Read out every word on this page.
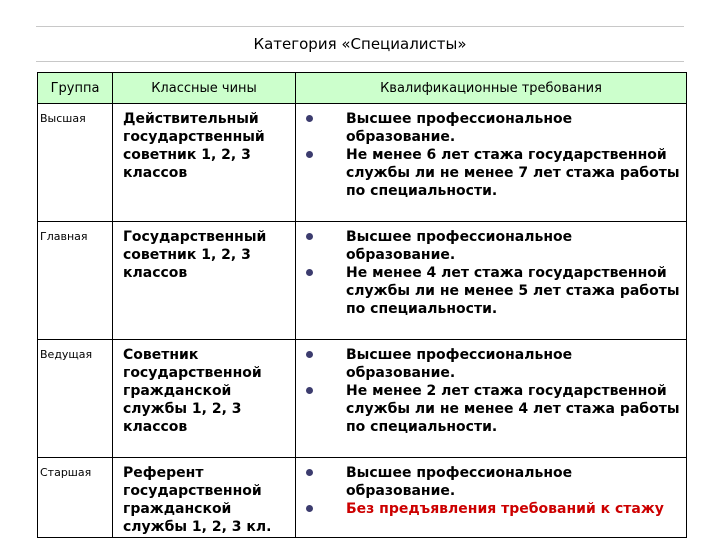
Категория «Специалисты»
Группа	Классные чины	Квалификационные требования
Высшая	Действительный государственный советник 1, 2, 3 классов	Высшее профессиональное образование.
Не менее 6 лет стажа государственной службы ли не менее 7 лет стажа работы по специальности.

Главная	Государственный советник 1, 2, 3 классов	Высшее профессиональное образование.
Не менее 4 лет стажа государственной службы ли не менее 5 лет стажа работы по специальности.

Ведущая	Советник государственной гражданской службы 1, 2, 3 классов	Высшее профессиональное образование.
Не менее 2 лет стажа государственной службы ли не менее 4 лет стажа работы по специальности.

Старшая	Референт государственной гражданской службы 1, 2, 3 кл.	Высшее профессиональное образование.
Без предъявления требований к стажу
